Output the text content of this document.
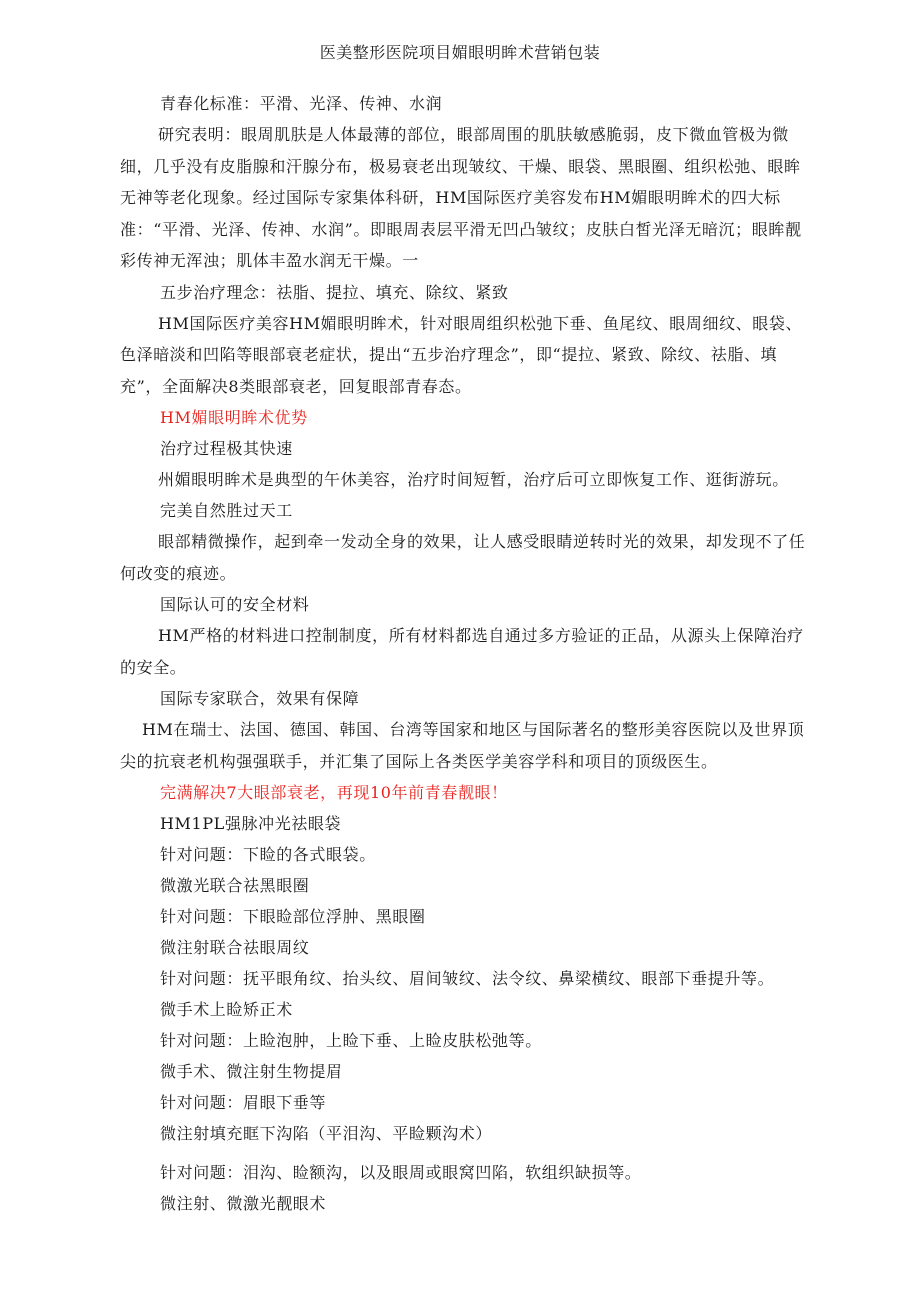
医美整形医院项目媚眼明眸术营销包装
青春化标准：平滑、光泽、传神、水润
研究表明：眼周肌肤是人体最薄的部位，眼部周围的肌肤敏感脆弱，皮下微血管极为微细，几乎没有皮脂腺和汗腺分布，极易衰老出现皱纹、干燥、眼袋、黑眼圈、组织松弛、眼眸无神等老化现象。经过国际专家集体科研，HM国际医疗美容发布HM媚眼明眸术的四大标准：“平滑、光泽、传神、水润”。即眼周表层平滑无凹凸皱纹；皮肤白皙光泽无暗沉；眼眸靓彩传神无浑浊；肌体丰盈水润无干燥。一
五步治疗理念：祛脂、提拉、填充、除纹、紧致
HM国际医疗美容HM媚眼明眸术，针对眼周组织松弛下垂、鱼尾纹、眼周细纹、眼袋、色泽暗淡和凹陷等眼部衰老症状，提出“五步治疗理念”，即“提拉、紧致、除纹、祛脂、填充”，全面解决8类眼部衰老，回复眼部青春态。
HM媚眼明眸术优势
治疗过程极其快速
州媚眼明眸术是典型的午休美容，治疗时间短暂，治疗后可立即恢复工作、逛街游玩。
完美自然胜过天工
眼部精微操作，起到牵一发动全身的效果，让人感受眼睛逆转时光的效果，却发现不了任何改变的痕迹。
国际认可的安全材料
HM严格的材料进口控制制度，所有材料都选自通过多方验证的正品，从源头上保障治疗的安全。
国际专家联合，效果有保障
HM在瑞士、法国、德国、韩国、台湾等国家和地区与国际著名的整形美容医院以及世界顶尖的抗衰老机构强强联手，并汇集了国际上各类医学美容学科和项目的顶级医生。
完满解决7大眼部衰老，再现10年前青春靓眼！
HM1PL强脉冲光祛眼袋
针对问题：下睑的各式眼袋。
微激光联合祛黑眼圈
针对问题：下眼睑部位浮肿、黑眼圈
微注射联合祛眼周纹
针对问题：抚平眼角纹、抬头纹、眉间皱纹、法令纹、鼻梁横纹、眼部下垂提升等。
微手术上睑矫正术
针对问题：上睑泡肿，上睑下垂、上睑皮肤松弛等。
微手术、微注射生物提眉
针对问题：眉眼下垂等
微注射填充眶下沟陷（平泪沟、平睑颗沟术）
针对问题：泪沟、睑额沟，以及眼周或眼窝凹陷，软组织缺损等。
微注射、微激光靓眼术
